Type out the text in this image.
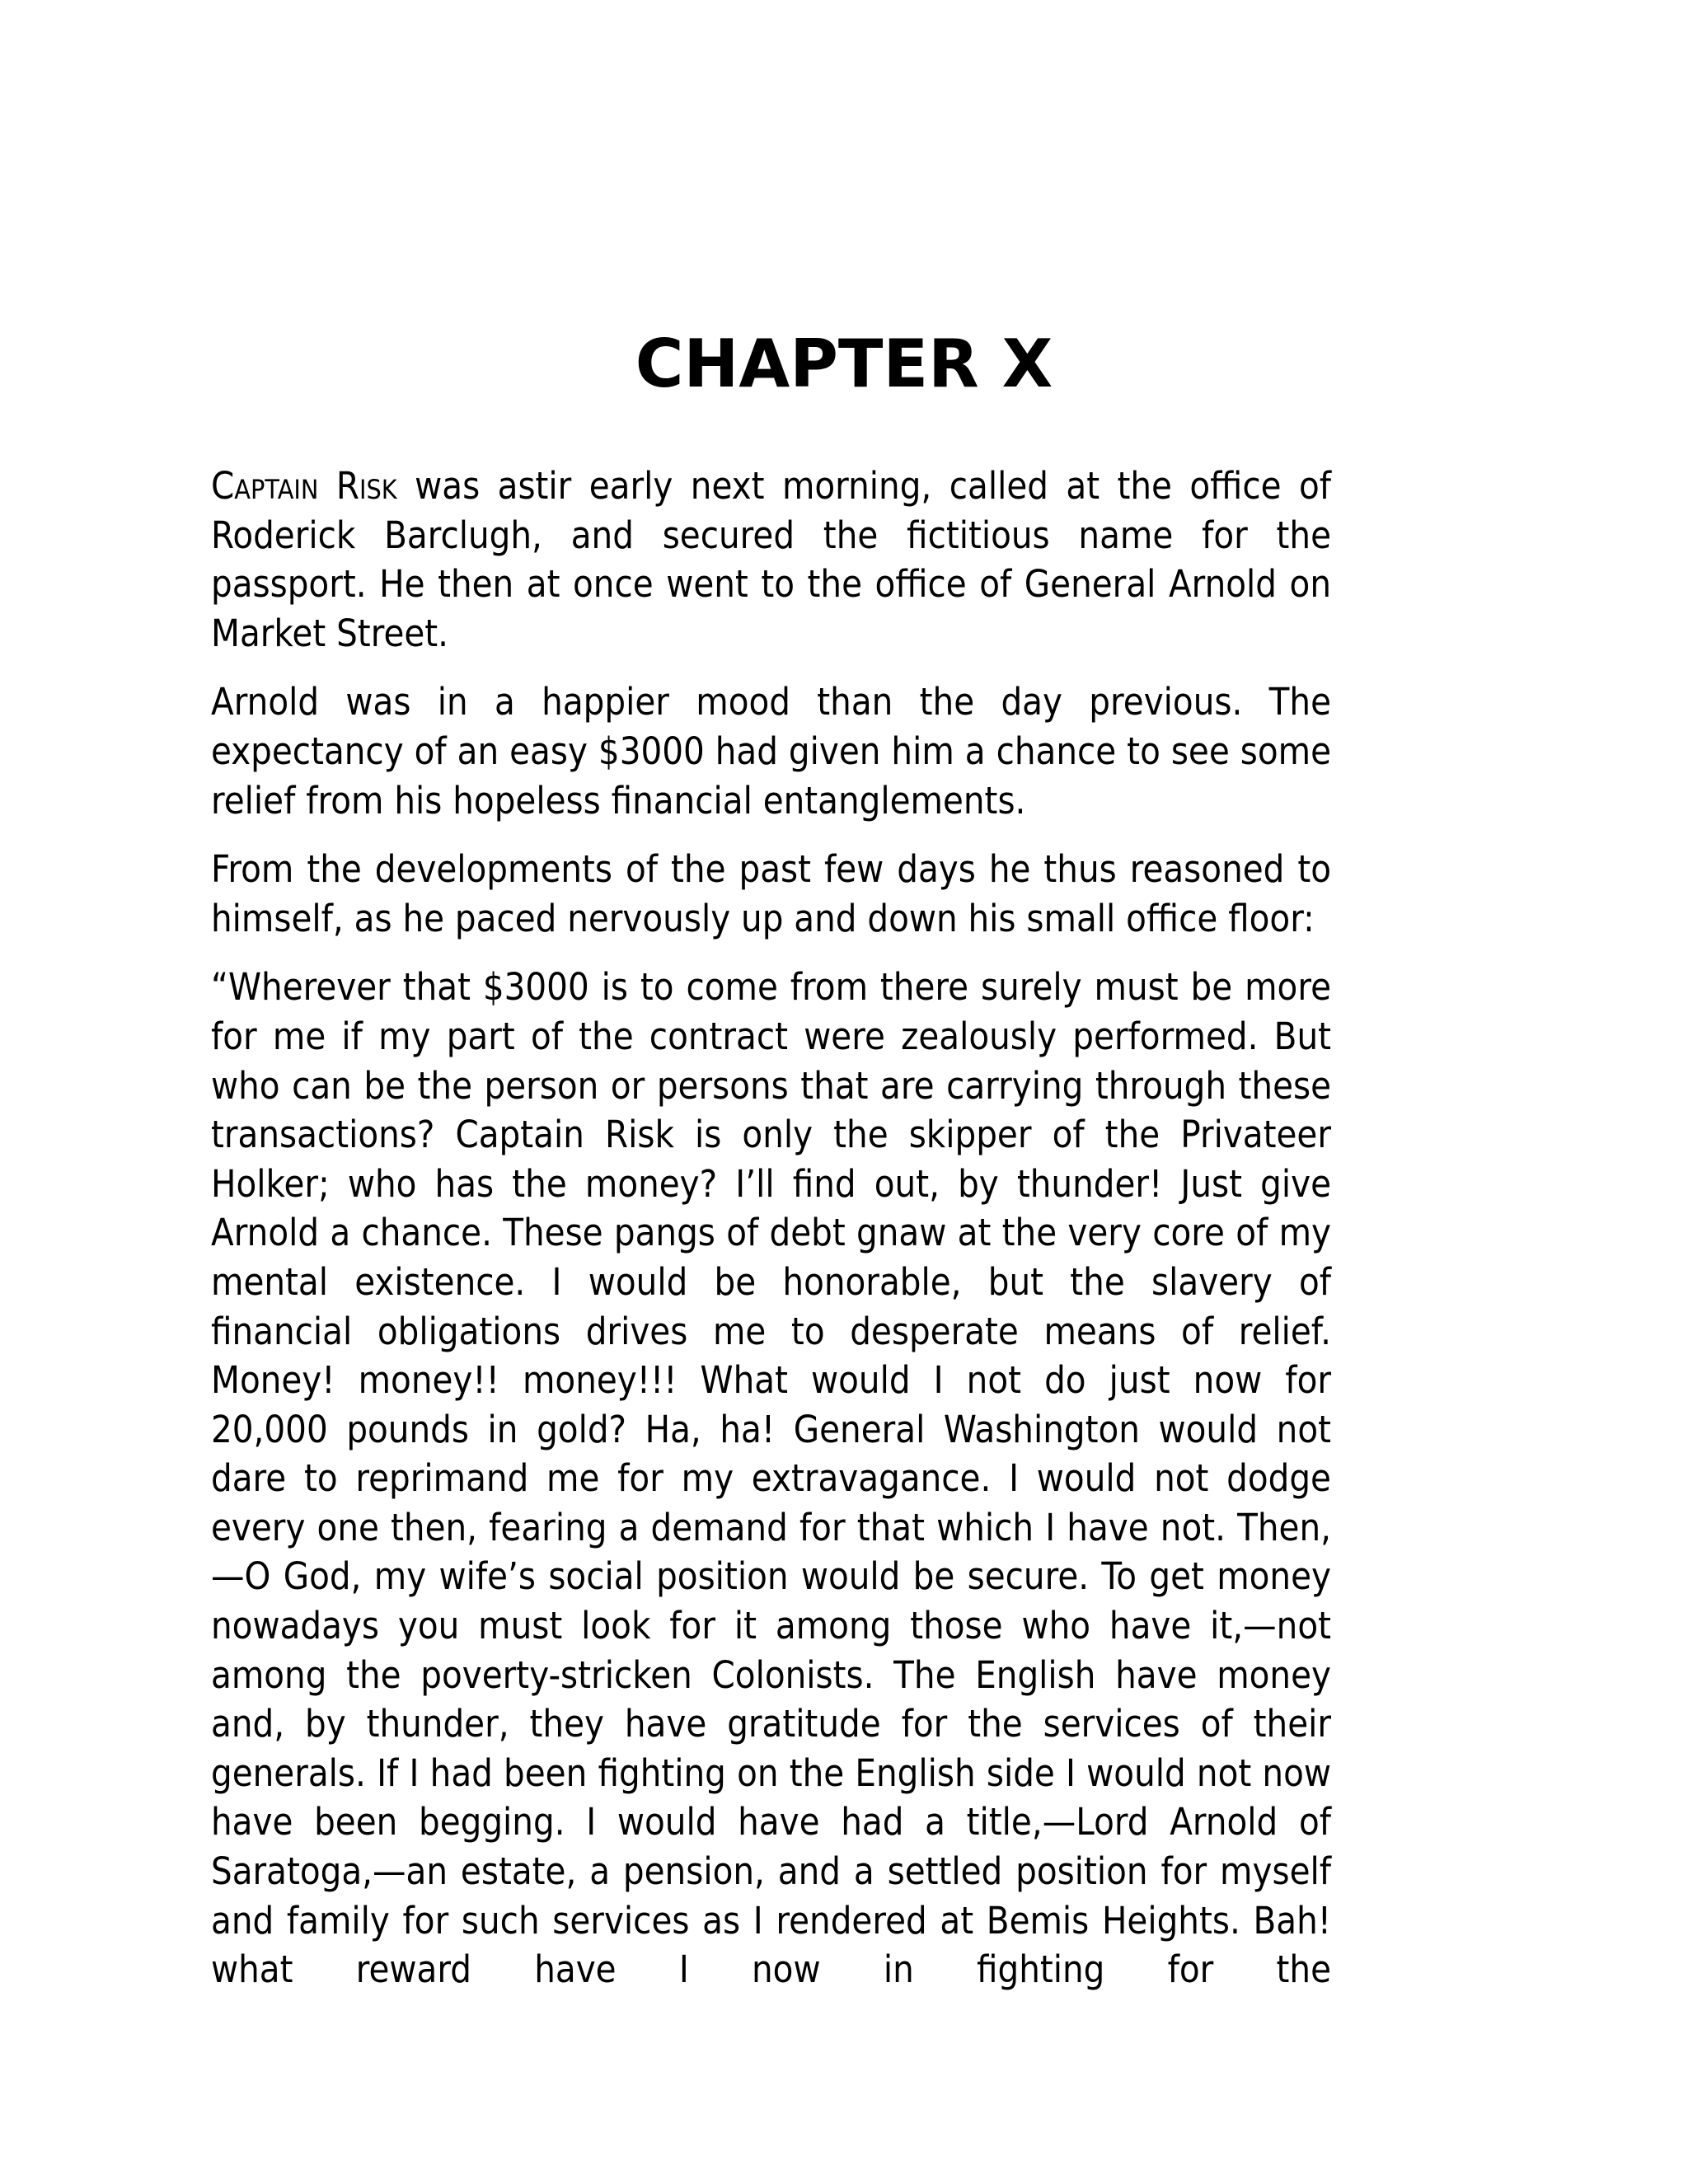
CHAPTER X

Captain Risk was astir early next morning, called at the office of Roderick Barclugh, and secured the fictitious name for the passport. He then at once went to the office of General Arnold on Market Street.

Arnold was in a happier mood than the day previous. The expectancy of an easy $3000 had given him a chance to see some relief from his hopeless financial entanglements.

From the developments of the past few days he thus reasoned to himself, as he paced nervously up and down his small office floor:

“Wherever that $3000 is to come from there surely must be more for me if my part of the contract were zealously performed. But who can be the person or persons that are carrying through these transactions? Captain Risk is only the skipper of the Privateer Holker; who has the money? I’ll find out, by thunder! Just give Arnold a chance. These pangs of debt gnaw at the very core of my mental existence. I would be honorable, but the slavery of financial obligations drives me to desperate means of relief. Money! money!! money!!! What would I not do just now for 20,000 pounds in gold? Ha, ha! General Washington would not dare to reprimand me for my extravagance. I would not dodge every one then, fearing a demand for that which I have not. Then,—O God, my wife’s social position would be secure. To get money nowadays you must look for it among those who have it,—not among the poverty-stricken Colonists. The English have money and, by thunder, they have gratitude for the services of their generals. If I had been fighting on the English side I would not now have been begging. I would have had a title,—Lord Arnold of Saratoga,—an estate, a pension, and a settled position for myself and family for such services as I rendered at Bemis Heights. Bah! what reward have I now in fighting for the
